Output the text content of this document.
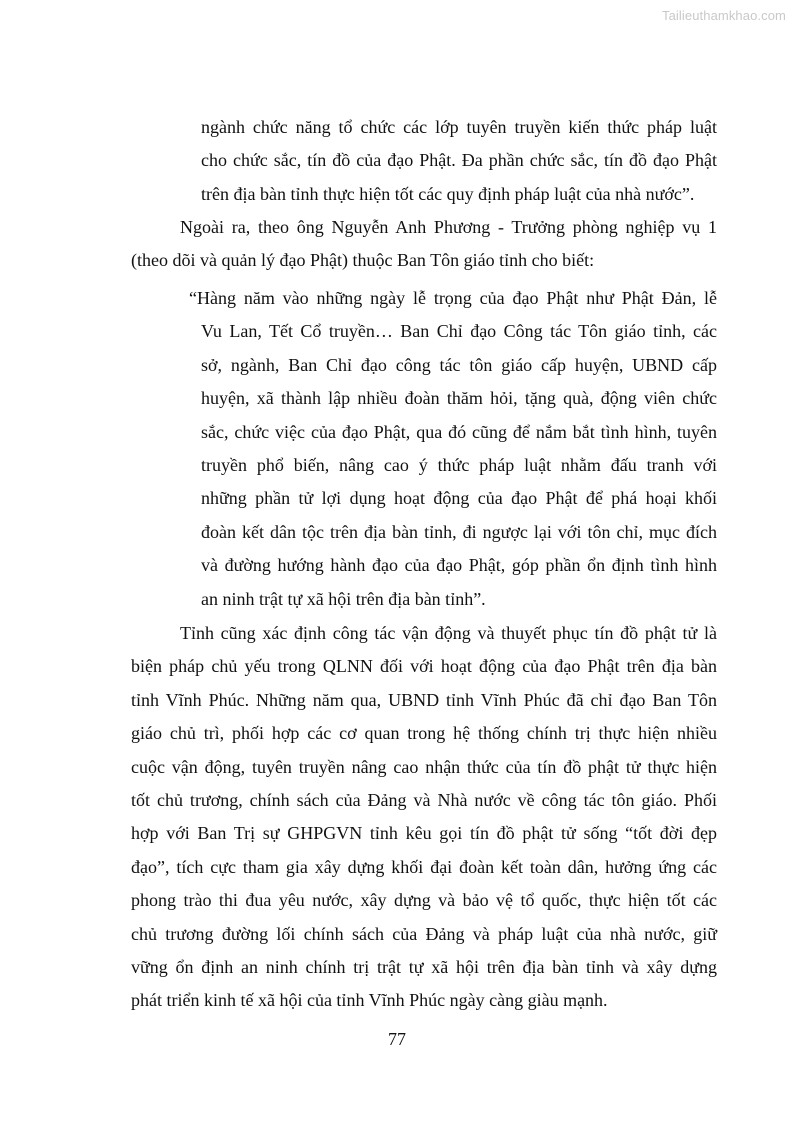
Tailieuthamkhao.com
ngành chức năng tổ chức các lớp tuyên truyền kiến thức pháp luật
cho chức sắc, tín đồ của đạo Phật. Đa phần chức sắc, tín đồ đạo Phật
trên địa bàn tỉnh thực hiện tốt các quy định pháp luật của nhà nước”.
Ngoài ra, theo ông Nguyễn Anh Phương - Trưởng phòng nghiệp vụ 1
(theo dõi và quản lý đạo Phật) thuộc Ban Tôn giáo tỉnh cho biết:
“Hàng năm vào những ngày lễ trọng của đạo Phật như Phật Đản, lễ
Vu Lan, Tết Cổ truyền… Ban Chỉ đạo Công tác Tôn giáo tỉnh, các
sở, ngành, Ban Chỉ đạo công tác tôn giáo cấp huyện, UBND cấp
huyện, xã thành lập nhiều đoàn thăm hỏi, tặng quà, động viên chức
sắc, chức việc của đạo Phật, qua đó cũng để nắm bắt tình hình, tuyên
truyền phổ biến, nâng cao ý thức pháp luật nhằm đấu tranh với
những phần tử lợi dụng hoạt động của đạo Phật để phá hoại khối
đoàn kết dân tộc trên địa bàn tỉnh, đi ngược lại với tôn chỉ, mục đích
và đường hướng hành đạo của đạo Phật, góp phần ổn định tình hình
an ninh trật tự xã hội trên địa bàn tỉnh”.
Tỉnh cũng xác định công tác vận động và thuyết phục tín đồ phật tử là
biện pháp chủ yếu trong QLNN đối với hoạt động của đạo Phật trên địa bàn
tỉnh Vĩnh Phúc. Những năm qua, UBND tỉnh Vĩnh Phúc đã chỉ đạo Ban Tôn
giáo chủ trì, phối hợp các cơ quan trong hệ thống chính trị thực hiện nhiều
cuộc vận động, tuyên truyền nâng cao nhận thức của tín đồ phật tử thực hiện
tốt chủ trương, chính sách của Đảng và Nhà nước về công tác tôn giáo. Phối
hợp với Ban Trị sự GHPGVN tỉnh kêu gọi tín đồ phật tử sống “tốt đời đẹp
đạo”, tích cực tham gia xây dựng khối đại đoàn kết toàn dân, hưởng ứng các
phong trào thi đua yêu nước, xây dựng và bảo vệ tổ quốc, thực hiện tốt các
chủ trương đường lối chính sách của Đảng và pháp luật của nhà nước, giữ
vững ổn định an ninh chính trị trật tự xã hội trên địa bàn tỉnh và xây dựng
phát triển kinh tế xã hội của tỉnh Vĩnh Phúc ngày càng giàu mạnh.
77
